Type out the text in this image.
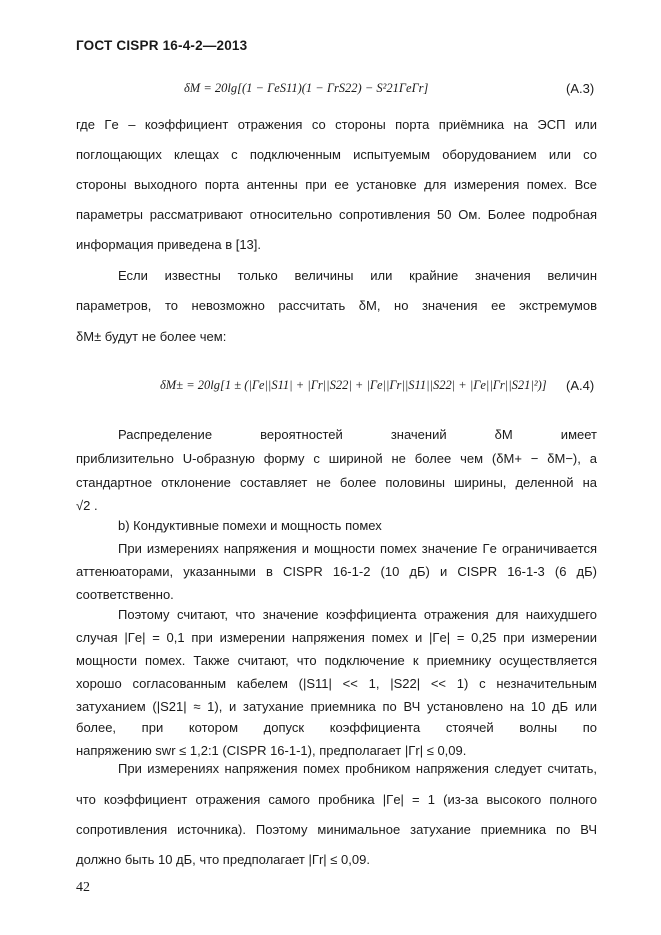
ГОСТ CISPR 16-4-2—2013
δM = 20lg[(1 − ΓeS11)(1 − ΓrS22) − S²21ΓeΓr]	(А.3)
где Γe – коэффициент отражения со стороны порта приёмника на ЭСП или
поглощающих клещах с подключенным испытуемым оборудованием или со
стороны выходного порта антенны при ее установке для измерения помех. Все
параметры рассматривают относительно сопротивления 50 Ом. Более подробная
информация приведена в [13].
Если известны только величины или крайние значения величин
параметров, то невозможно рассчитать δM, но значения ее экстремумов
δM± будут не более чем:
δM± = 20lg[1 ± (|Γe||S11| + |Γr||S22| + |Γe||Γr||S11||S22| + |Γe||Γr||S21|²)] (А.4)
Распределение вероятностей значений δM имеет
приблизительно U-образную форму с шириной не более чем (δM+ − δM−), а
стандартное отклонение составляет не более половины ширины, деленной на
√2 .
b) Кондуктивные помехи и мощность помех
При измерениях напряжения и мощности помех значение Γe ограничивается
аттенюаторами, указанными в CISPR 16-1-2 (10 дБ) и CISPR 16-1-3 (6 дБ)
соответственно.
Поэтому считают, что значение коэффициента отражения для наихудшего
случая |Γe| = 0,1 при измерении напряжения помех и |Γe| = 0,25 при измерении
мощности помех. Также считают, что подключение к приемнику осуществляется
хорошо согласованным кабелем (|S11| << 1, |S22| << 1) с незначительным
затуханием (|S21| ≈ 1), и затухание приемника по ВЧ установлено на 10 дБ или
более, при котором допуск коэффициента стоячей волны по
напряжению swr ≤ 1,2:1 (CISPR 16-1-1), предполагает |Γr| ≤ 0,09.
При измерениях напряжения помех пробником напряжения следует считать,
что коэффициент отражения самого пробника |Γe| = 1 (из-за высокого полного
сопротивления источника). Поэтому минимальное затухание приемника по ВЧ
должно быть 10 дБ, что предполагает |Γr| ≤ 0,09.
42
